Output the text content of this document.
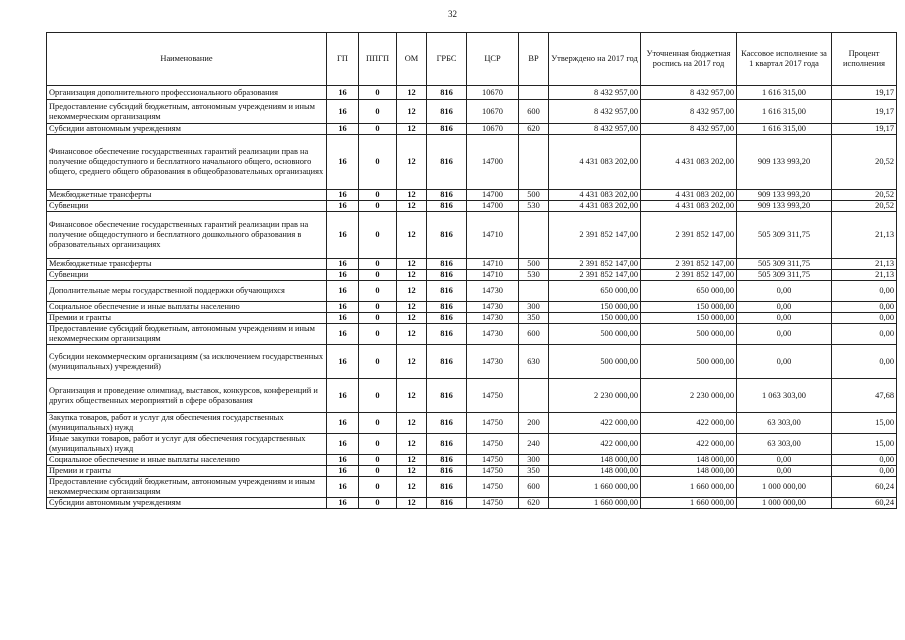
32
Наименование	ГП	ППГП	ОМ	ГРБС	ЦСР	ВР	Утверждено на 2017 год	Уточненная бюджетная роспись на 2017 год	Кассовое исполнение за 1 квартал 2017 года	Процент исполнения
Организация дополнительного профессионального образования	16	0	12	816	10670		8 432 957,00	8 432 957,00	1 616 315,00	19,17
Предоставление субсидий бюджетным, автономным учреждениям и иным некоммерческим организациям	16	0	12	816	10670	600	8 432 957,00	8 432 957,00	1 616 315,00	19,17
Субсидии автономным учреждениям	16	0	12	816	10670	620	8 432 957,00	8 432 957,00	1 616 315,00	19,17
Финансовое обеспечение государственных гарантий реализации прав на получение общедоступного и бесплатного начального общего, основного общего, среднего общего образования в общеобразовательных организациях	16	0	12	816	14700		4 431 083 202,00	4 431 083 202,00	909 133 993,20	20,52
Межбюджетные трансферты	16	0	12	816	14700	500	4 431 083 202,00	4 431 083 202,00	909 133 993,20	20,52
Субвенции	16	0	12	816	14700	530	4 431 083 202,00	4 431 083 202,00	909 133 993,20	20,52
Финансовое обеспечение государственных гарантий реализации прав на получение общедоступного и бесплатного дошкольного образования в образовательных организациях	16	0	12	816	14710		2 391 852 147,00	2 391 852 147,00	505 309 311,75	21,13
Межбюджетные трансферты	16	0	12	816	14710	500	2 391 852 147,00	2 391 852 147,00	505 309 311,75	21,13
Субвенции	16	0	12	816	14710	530	2 391 852 147,00	2 391 852 147,00	505 309 311,75	21,13
Дополнительные меры государственной поддержки обучающихся	16	0	12	816	14730		650 000,00	650 000,00	0,00	0,00
Социальное обеспечение и иные выплаты населению	16	0	12	816	14730	300	150 000,00	150 000,00	0,00	0,00
Премии и гранты	16	0	12	816	14730	350	150 000,00	150 000,00	0,00	0,00
Предоставление субсидий бюджетным, автономным учреждениям и иным некоммерческим организациям	16	0	12	816	14730	600	500 000,00	500 000,00	0,00	0,00
Субсидии некоммерческим организациям (за исключением государственных (муниципальных) учреждений)	16	0	12	816	14730	630	500 000,00	500 000,00	0,00	0,00
Организация и проведение олимпиад, выставок, конкурсов, конференций и других общественных мероприятий в сфере образования	16	0	12	816	14750		2 230 000,00	2 230 000,00	1 063 303,00	47,68
Закупка товаров, работ и услуг для обеспечения государственных (муниципальных) нужд	16	0	12	816	14750	200	422 000,00	422 000,00	63 303,00	15,00
Иные закупки товаров, работ и услуг для обеспечения государственных (муниципальных) нужд	16	0	12	816	14750	240	422 000,00	422 000,00	63 303,00	15,00
Социальное обеспечение и иные выплаты населению	16	0	12	816	14750	300	148 000,00	148 000,00	0,00	0,00
Премии и гранты	16	0	12	816	14750	350	148 000,00	148 000,00	0,00	0,00
Предоставление субсидий бюджетным, автономным учреждениям и иным некоммерческим организациям	16	0	12	816	14750	600	1 660 000,00	1 660 000,00	1 000 000,00	60,24
Субсидии автономным учреждениям	16	0	12	816	14750	620	1 660 000,00	1 660 000,00	1 000 000,00	60,24
